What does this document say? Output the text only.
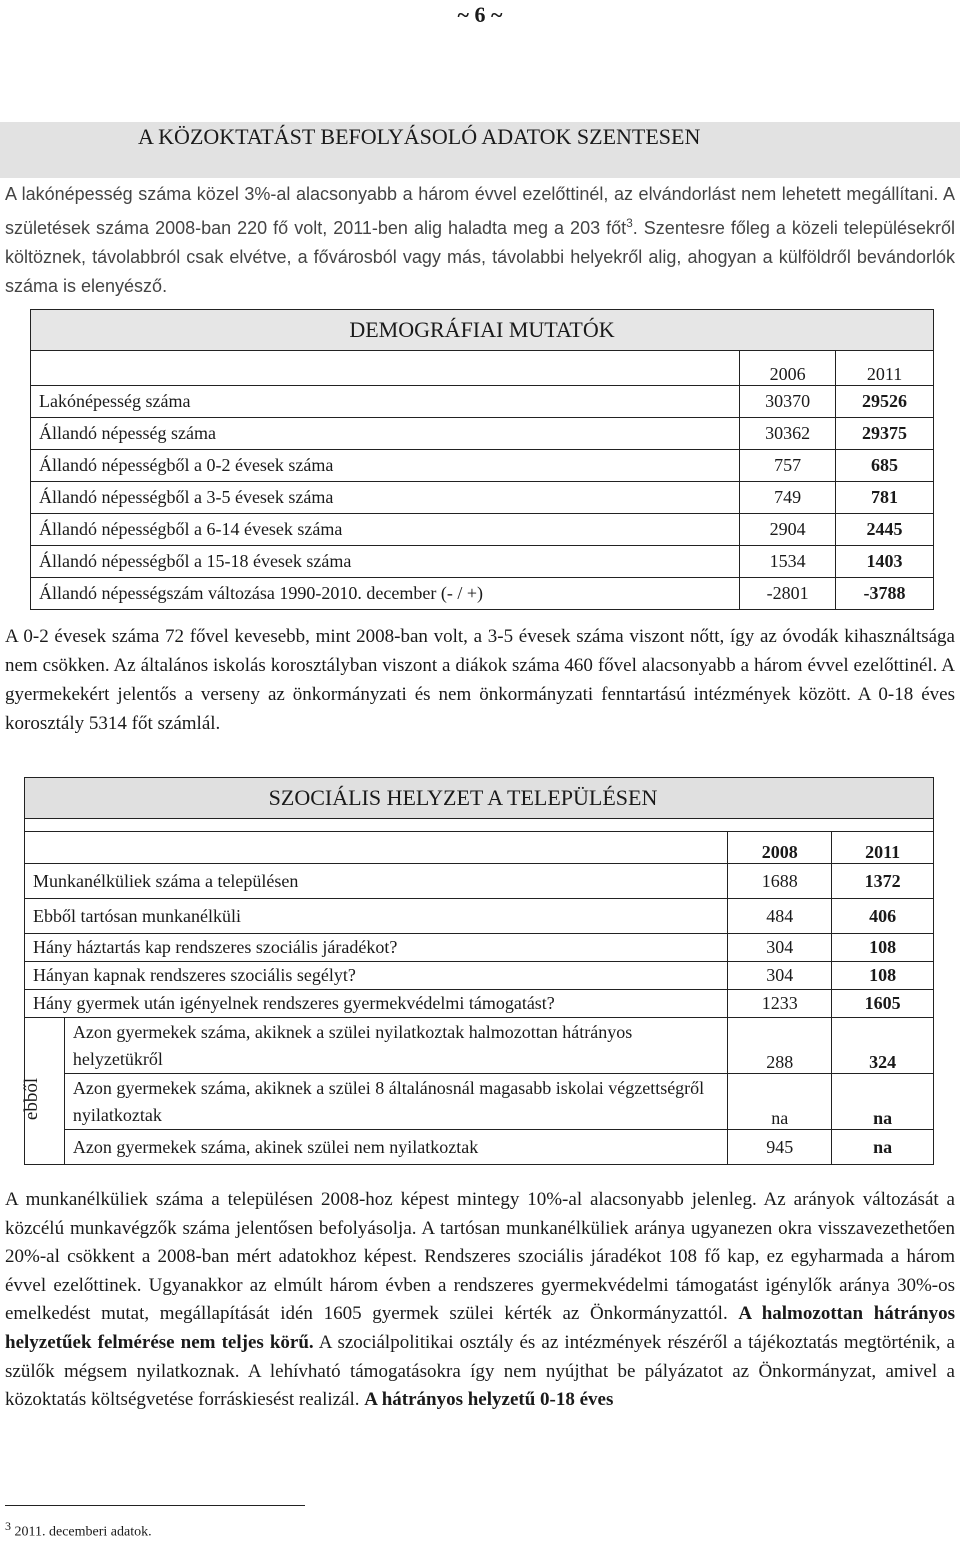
~ 6 ~
A KÖZOKTATÁST BEFOLYÁSOLÓ ADATOK SZENTESEN

A lakónépesség száma közel 3%-al alacsonyabb a három évvel ezelőttinél, az elvándorlást nem lehetett megállítani. A születések száma 2008-ban 220 fő volt, 2011-ben alig haladta meg a 203 főt$^3$. Szentesre főleg a közeli településekről költöznek, távolabbról csak elvétve, a fővárosból vagy más, távolabbi helyekről alig, ahogyan a külföldről bevándorlók száma is elenyésző.

DEMOGRÁFIAI MUTATÓK		
	2006	2011
Lakónépesség száma	30370	29526
Állandó népesség száma	30362	29375
Állandó népességből a 0-2 évesek száma	757	685
Állandó népességből a 3-5 évesek száma	749	781
Állandó népességből a 6-14 évesek száma	2904	2445
Állandó népességből a 15-18 évesek száma	1534	1403
Állandó népességszám változása 1990-2010. december (- / +)	-2801	-3788

A 0-2 évesek száma 72 fővel kevesebb, mint 2008-ban volt, a 3-5 évesek száma viszont nőtt, így az óvodák kihasználtsága nem csökken. Az általános iskolás korosztályban viszont a diákok száma 460 fővel alacsonyabb a három évvel ezelőttinél. A gyermekekért jelentős a verseny az önkormányzati és nem önkormányzati fenntartású intézmények között. A 0-18 éves korosztály 5314 főt számlál.

SZOCIÁLIS HELYZET A TELEPÜLÉSEN			

		2008	2011
Munkanélküliek száma a településen		1688	1372
Ebből tartósan munkanélküli		484	406
Hány háztartás kap rendszeres szociális járadékot?		304	108
Hányan kapnak rendszeres szociális segélyt?		304	108
Hány gyermek után igényelnek rendszeres gyermekvédelmi támogatást?		1233	1605

ebből	Azon gyermekek száma, akiknek a szülei nyilatkoztak halmozottan hátrányos helyzetükről	288	324
	Azon gyermekek száma, akiknek a szülei 8 általánosnál magasabb iskolai végzettségről nyilatkoztak	na	na
	Azon gyermekek száma, akinek szülei nem nyilatkoztak	945	na

A munkanélküliek száma a településen 2008-hoz képest mintegy 10%-al alacsonyabb jelenleg. Az arányok változását a közcélú munkavégzők száma jelentősen befolyásolja. A tartósan munkanélküliek aránya ugyanezen okra visszavezethetően 20%-al csökkent a 2008-ban mért adatokhoz képest. Rendszeres szociális járadékot 108 fő kap, ez egyharmada a három évvel ezelőttinek. Ugyanakkor az elmúlt három évben a rendszeres gyermekvédelmi támogatást igénylők aránya 30%-os emelkedést mutat, megállapítását idén 1605 gyermek szülei kérték az Önkormányzattól. A halmozottan hátrányos helyzetűek felmérése nem teljes körű. A szociálpolitikai osztály és az intézmények részéről a tájékoztatás megtörténik, a szülők mégsem nyilatkoznak. A lehívható támogatásokra így nem nyújthat be pályázatot az Önkormányzat, amivel a közoktatás költségvetése forráskiesést realizál. A hátrányos helyzetű 0-18 éves

$^3$ 2011. decemberi adatok.
